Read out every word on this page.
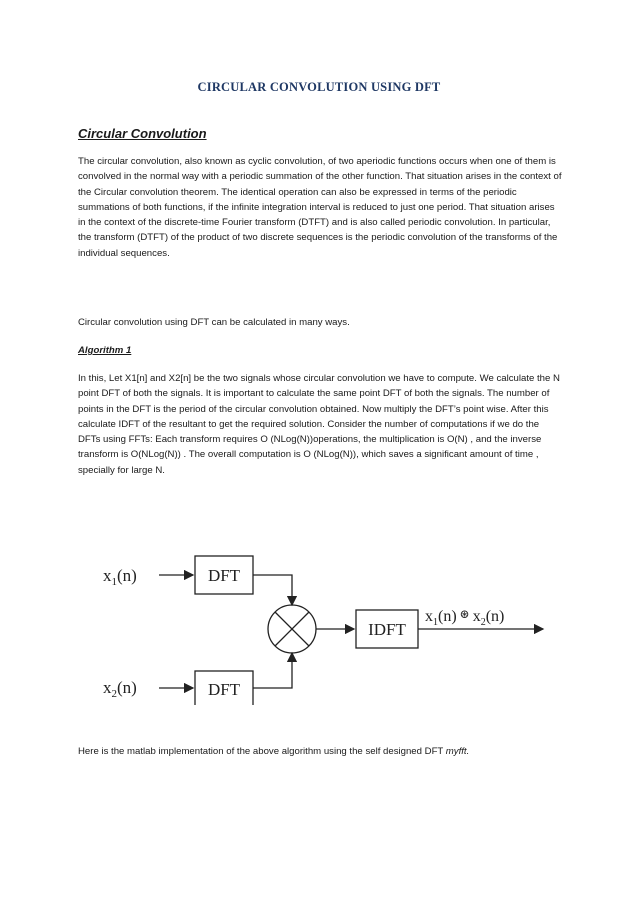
CIRCULAR CONVOLUTION USING DFT
Circular Convolution
The circular convolution, also known as cyclic convolution, of two aperiodic functions occurs when one of them is convolved in the normal way with a periodic summation of the other function. That situation arises in the context of the Circular convolution theorem. The identical operation can also be expressed in terms of the periodic summations of both functions, if the infinite integration interval is reduced to just one period. That situation arises in the context of the discrete-time Fourier transform (DTFT) and is also called periodic convolution. In particular, the transform (DTFT) of the product of two discrete sequences is the periodic convolution of the transforms of the individual sequences.
Circular convolution using DFT can be calculated in many ways.
Algorithm 1
In this, Let X1[n] and X2[n] be the two signals whose circular convolution we have to compute. We calculate the N point DFT of both the signals. It is important to calculate the same point DFT of both the signals. The number of points in the DFT is the period of the circular convolution obtained. Now multiply the DFT’s point wise. After this calculate IDFT of the resultant to get the required solution. Consider the number of computations if we do the DFTs using FFTs: Each transform requires O (NLog(N))operations, the multiplication is O(N) , and the inverse transform is O(NLog(N)) . The overall computation is O (NLog(N)), which saves a significant amount of time , specially for large N.
$x_1(n)$	DFT
$x_2(n)$	DFT
IDFT
$x_1(n)$ ⊛ $x_2(n)$
Here is the matlab implementation of the above algorithm using the self designed DFT myfft.
